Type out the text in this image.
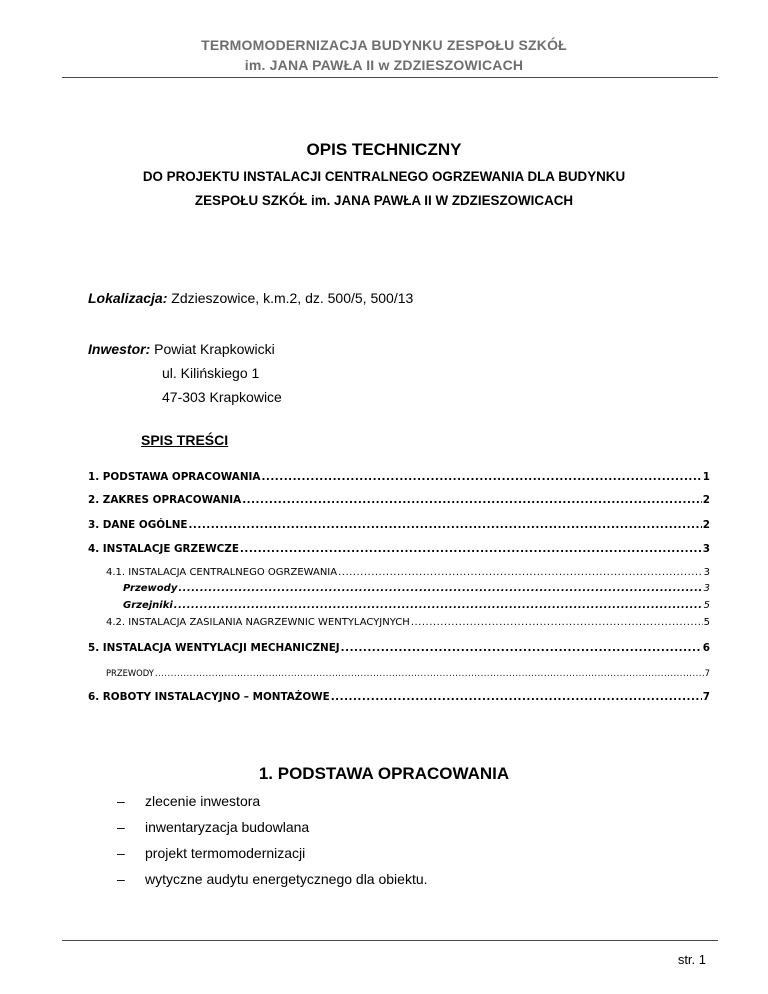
TERMOMODERNIZACJA BUDYNKU ZESPOŁU SZKÓŁ
im. JANA PAWŁA II w ZDZIESZOWICACH
OPIS TECHNICZNY
DO PROJEKTU INSTALACJI CENTRALNEGO OGRZEWANIA DLA BUDYNKU
ZESPOŁU SZKÓŁ im. JANA PAWŁA II W ZDZIESZOWICACH
Lokalizacja: Zdzieszowice, k.m.2, dz. 500/5, 500/13
Inwestor: Powiat Krapkowicki
ul. Kilińskiego 1
47-303 Krapkowice
SPIS TREŚCI
1. PODSTAWA OPRACOWANIA .....	1
2. ZAKRES OPRACOWANIA .....	2
3. DANE OGÓLNE .....	2
4. INSTALACJE GRZEWCZE .....	3
4.1. INSTALACJA CENTRALNEGO OGRZEWANIA .....	3
Przewody .....	3
Grzejniki .....	5
4.2. INSTALACJA ZASILANIA NAGRZEWNIC WENTYLACYJNYCH .....	5
5. INSTALACJA WENTYLACJI MECHANICZNEJ .....	6
PRZEWODY .....	7
6. ROBOTY INSTALACYJNO – MONTAŻOWE .....	7
1. PODSTAWA OPRACOWANIA
–	zlecenie inwestora
–	inwentaryzacja budowlana
–	projekt termomodernizacji
–	wytyczne audytu energetycznego dla obiektu.
str. 1
